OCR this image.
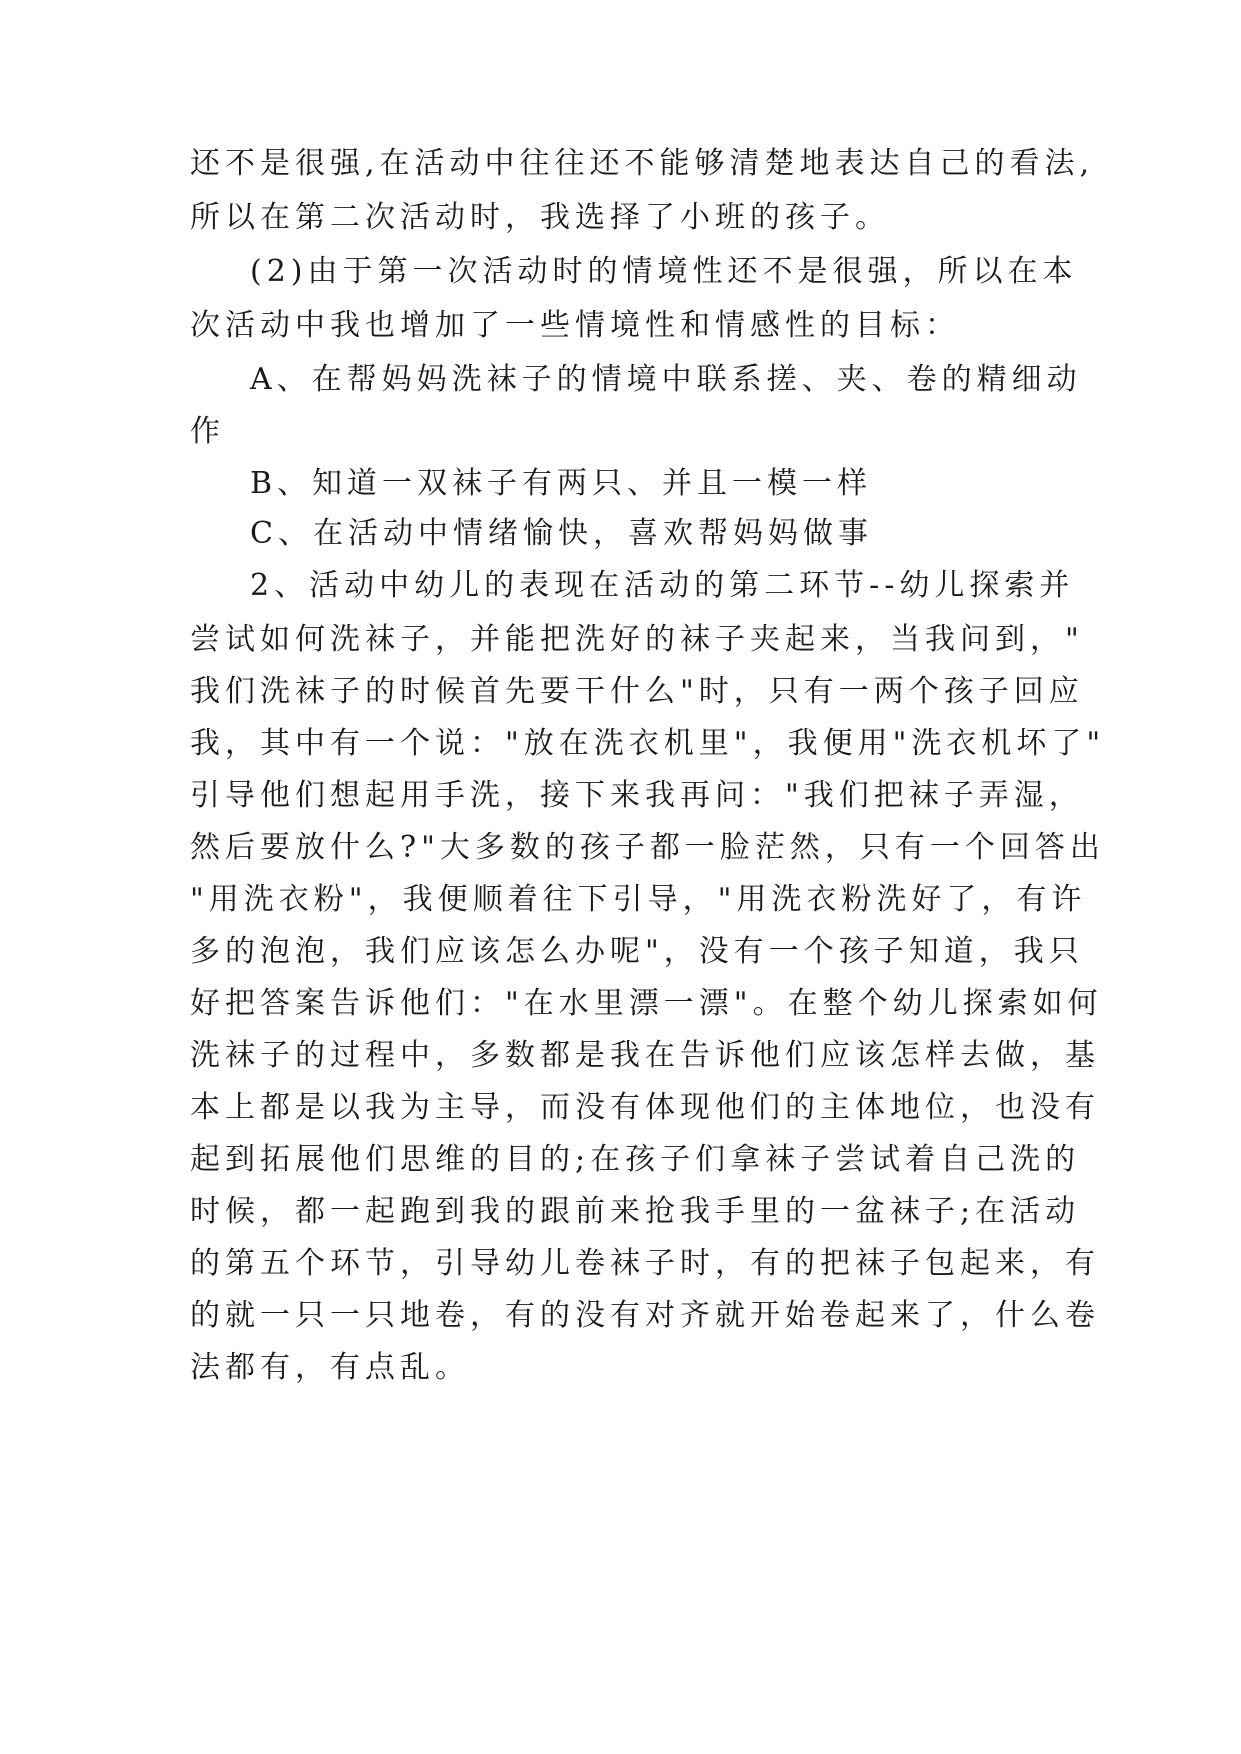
还不是很强,在活动中往往还不能够清楚地表达自己的看法,
所以在第二次活动时，我选择了小班的孩子。
(2)由于第一次活动时的情境性还不是很强，所以在本
次活动中我也增加了一些情境性和情感性的目标：
A、在帮妈妈洗袜子的情境中联系搓、夹、卷的精细动
作
B、知道一双袜子有两只、并且一模一样
C、在活动中情绪愉快，喜欢帮妈妈做事
2、活动中幼儿的表现在活动的第二环节--幼儿探索并
尝试如何洗袜子，并能把洗好的袜子夹起来，当我问到，"
我们洗袜子的时候首先要干什么"时，只有一两个孩子回应
我，其中有一个说："放在洗衣机里"，我便用"洗衣机坏了"
引导他们想起用手洗，接下来我再问："我们把袜子弄湿，
然后要放什么?"大多数的孩子都一脸茫然，只有一个回答出
"用洗衣粉"，我便顺着往下引导，"用洗衣粉洗好了，有许
多的泡泡，我们应该怎么办呢"，没有一个孩子知道，我只
好把答案告诉他们："在水里漂一漂"。在整个幼儿探索如何
洗袜子的过程中，多数都是我在告诉他们应该怎样去做，基
本上都是以我为主导，而没有体现他们的主体地位，也没有
起到拓展他们思维的目的;在孩子们拿袜子尝试着自己洗的
时候，都一起跑到我的跟前来抢我手里的一盆袜子;在活动
的第五个环节，引导幼儿卷袜子时，有的把袜子包起来，有
的就一只一只地卷，有的没有对齐就开始卷起来了，什么卷
法都有，有点乱。
